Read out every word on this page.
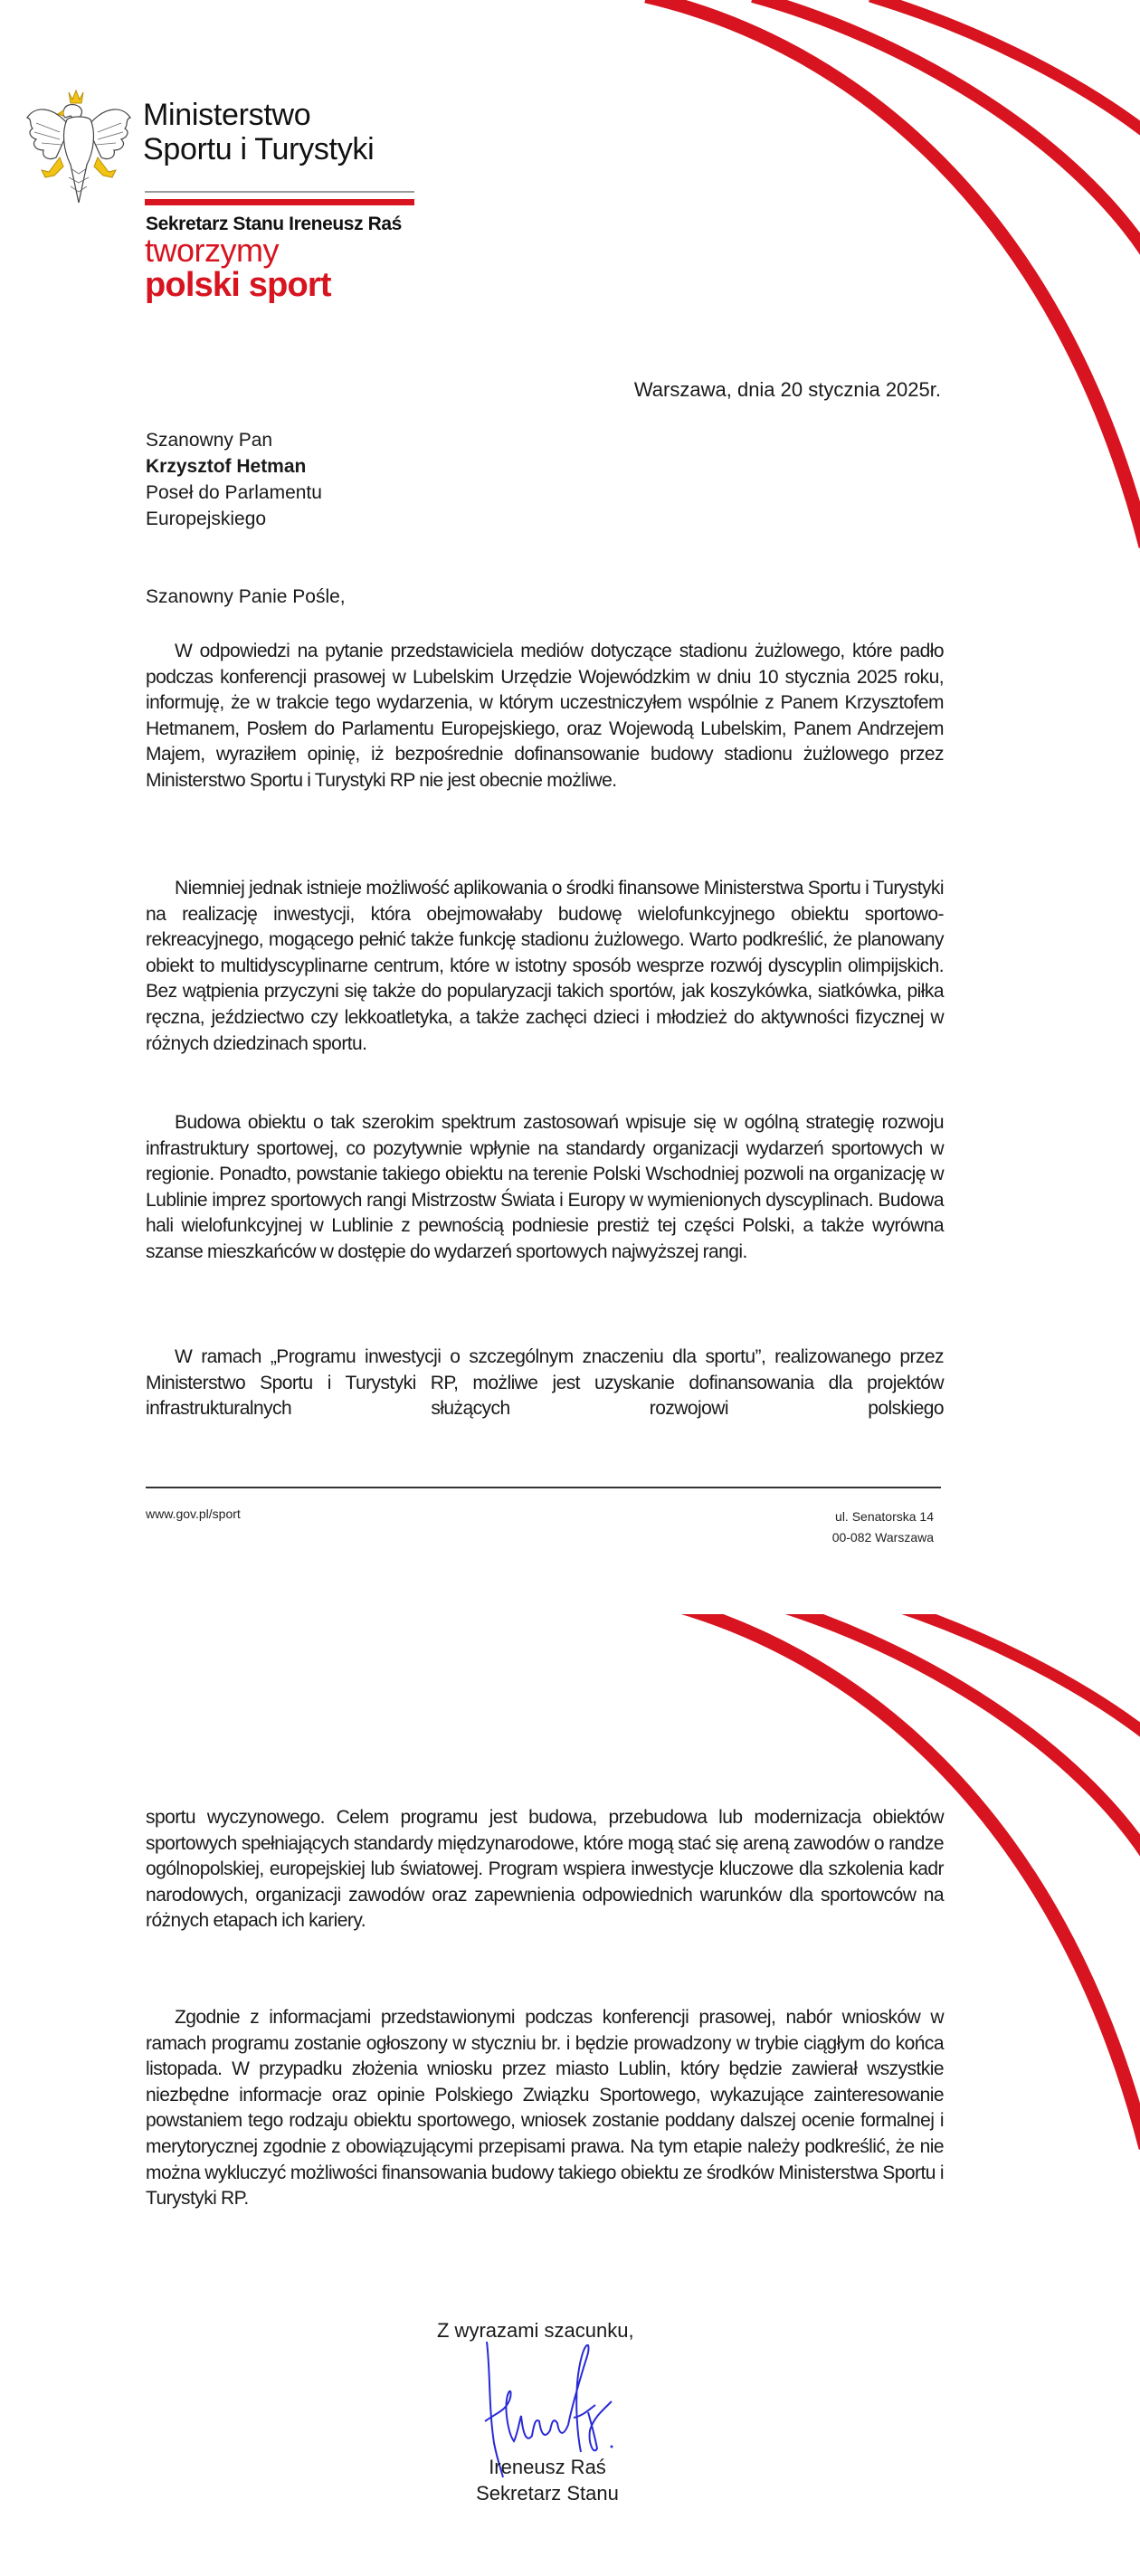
Ministerstwo
Sportu i Turystyki
Sekretarz Stanu Ireneusz Raś
tworzymy
polski sport
Warszawa, dnia 20 stycznia 2025r.
Szanowny Pan
Krzysztof Hetman
Poseł do Parlamentu
Europejskiego
Szanowny Panie Pośle,

W odpowiedzi na pytanie przedstawiciela mediów dotyczące stadionu żużlowego, które padło podczas konferencji prasowej w Lubelskim Urzędzie Wojewódzkim w dniu 10 stycznia 2025 roku, informuję, że w trakcie tego wydarzenia, w którym uczestniczyłem wspólnie z Panem Krzysztofem Hetmanem, Posłem do Parlamentu Europejskiego, oraz Wojewodą Lubelskim, Panem Andrzejem Majem, wyraziłem opinię, iż bezpośrednie dofinansowanie budowy stadionu żużlowego przez Ministerstwo Sportu i Turystyki RP nie jest obecnie możliwe.

Niemniej jednak istnieje możliwość aplikowania o środki finansowe Ministerstwa Sportu i Turystyki na realizację inwestycji, która obejmowałaby budowę wielofunkcyjnego obiektu sportowo-rekreacyjnego, mogącego pełnić także funkcję stadionu żużlowego. Warto podkreślić, że planowany obiekt to multidyscyplinarne centrum, które w istotny sposób wesprze rozwój dyscyplin olimpijskich. Bez wątpienia przyczyni się także do popularyzacji takich sportów, jak koszykówka, siatkówka, piłka ręczna, jeździectwo czy lekkoatletyka, a także zachęci dzieci i młodzież do aktywności fizycznej w różnych dziedzinach sportu.

Budowa obiektu o tak szerokim spektrum zastosowań wpisuje się w ogólną strategię rozwoju infrastruktury sportowej, co pozytywnie wpłynie na standardy organizacji wydarzeń sportowych w regionie. Ponadto, powstanie takiego obiektu na terenie Polski Wschodniej pozwoli na organizację w Lublinie imprez sportowych rangi Mistrzostw Świata i Europy w wymienionych dyscyplinach. Budowa hali wielofunkcyjnej w Lublinie z pewnością podniesie prestiż tej części Polski, a także wyrówna szanse mieszkańców w dostępie do wydarzeń sportowych najwyższej rangi.

W ramach „Programu inwestycji o szczególnym znaczeniu dla sportu”, realizowanego przez Ministerstwo Sportu i Turystyki RP, możliwe jest uzyskanie dofinansowania dla projektów infrastrukturalnych służących rozwojowi polskiego

www.gov.pl/sport	ul. Senatorska 14
00-082 Warszawa

sportu wyczynowego. Celem programu jest budowa, przebudowa lub modernizacja obiektów sportowych spełniających standardy międzynarodowe, które mogą stać się areną zawodów o randze ogólnopolskiej, europejskiej lub światowej. Program wspiera inwestycje kluczowe dla szkolenia kadr narodowych, organizacji zawodów oraz zapewnienia odpowiednich warunków dla sportowców na różnych etapach ich kariery.

Zgodnie z informacjami przedstawionymi podczas konferencji prasowej, nabór wniosków w ramach programu zostanie ogłoszony w styczniu br. i będzie prowadzony w trybie ciągłym do końca listopada. W przypadku złożenia wniosku przez miasto Lublin, który będzie zawierał wszystkie niezbędne informacje oraz opinie Polskiego Związku Sportowego, wykazujące zainteresowanie powstaniem tego rodzaju obiektu sportowego, wniosek zostanie poddany dalszej ocenie formalnej i merytorycznej zgodnie z obowiązującymi przepisami prawa. Na tym etapie należy podkreślić, że nie można wykluczyć możliwości finansowania budowy takiego obiektu ze środków Ministerstwa Sportu i Turystyki RP.

Z wyrazami szacunku,
Ireneusz Raś
Sekretarz Stanu
